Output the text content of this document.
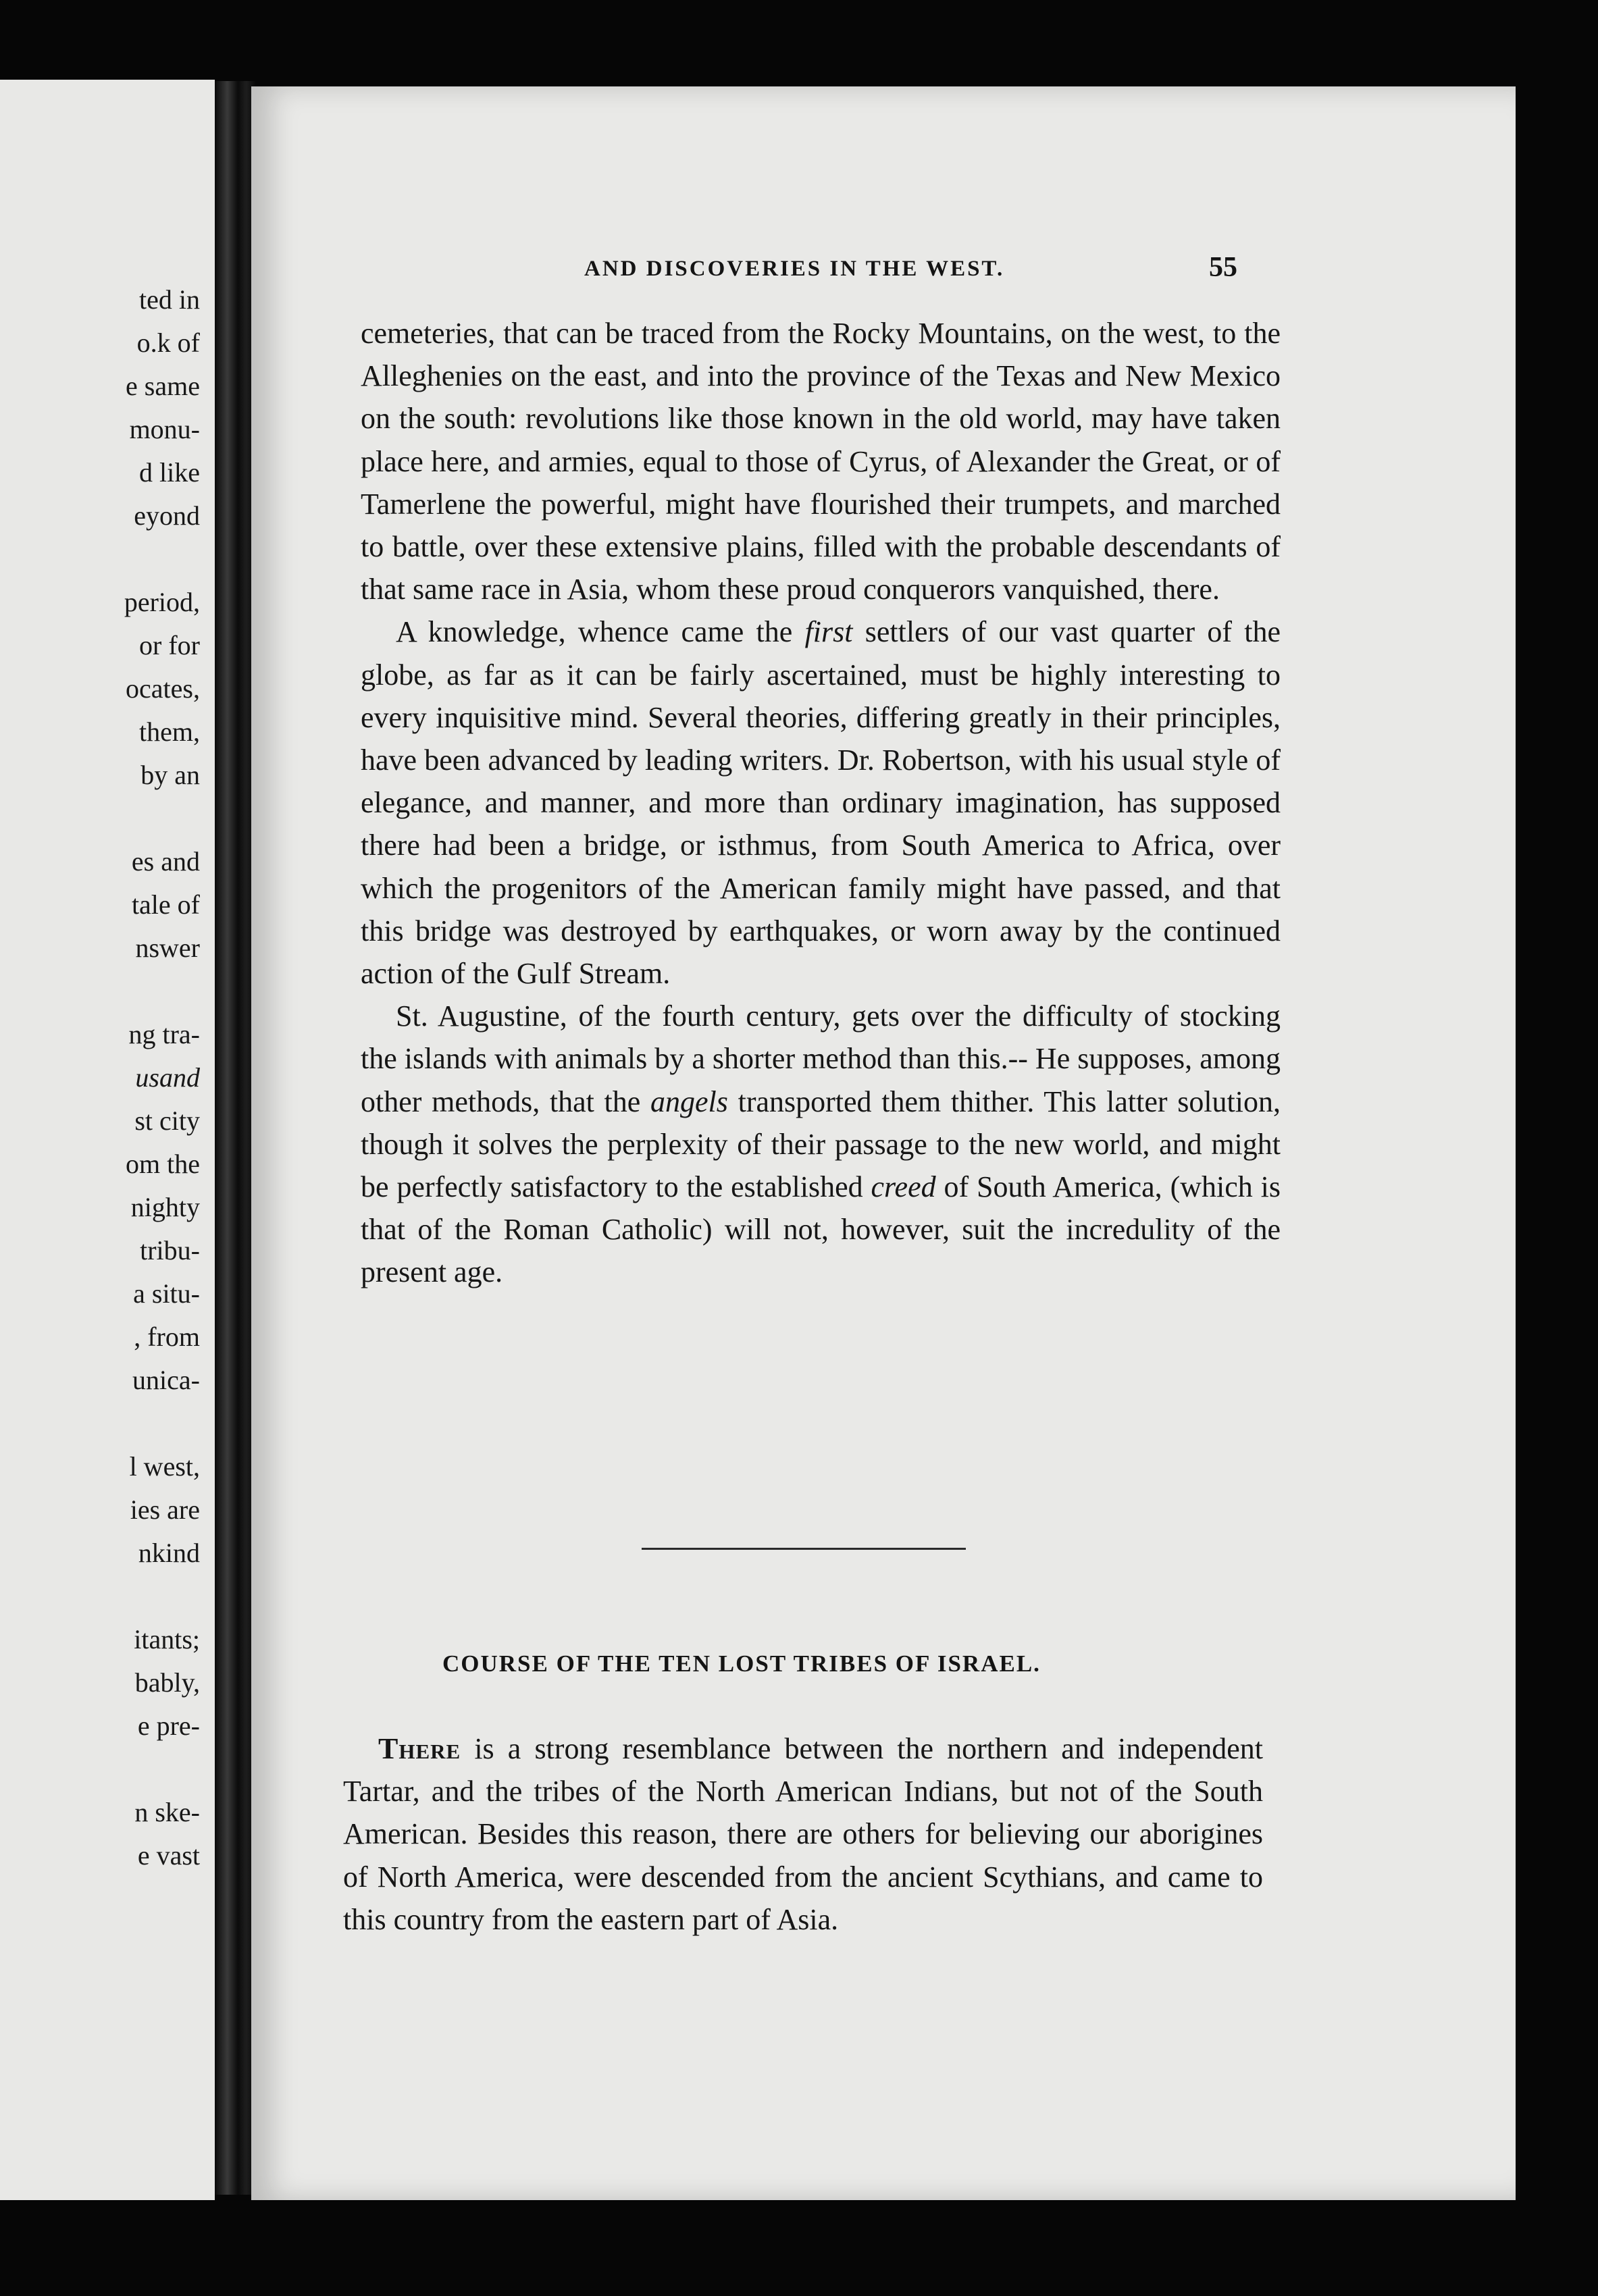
ted in
o.k of
e same
monu-
d like
eyond
period,
or for
ocates,
them,
by an
es and
tale of
nswer
ng tra-
usand
st city
om the
nighty
tribu-
a situ-
, from
unica-
l west,
ies are
nkind
itants;
bably,
e pre-
n ske-
e vast
AND DISCOVERIES IN THE WEST.	55

cemeteries, that can be traced from the Rocky Mountains, on the west, to the Alleghenies on the east, and into the province of the Texas and New Mexico on the south: revolutions like those known in the old world, may have taken place here, and armies, equal to those of Cyrus, of Alexander the Great, or of Tamerlene the powerful, might have flourished their trumpets, and marched to battle, over these extensive plains, filled with the probable descendants of that same race in Asia, whom these proud conquerors vanquished, there.

A knowledge, whence came the first settlers of our vast quarter of the globe, as far as it can be fairly ascertained, must be highly interesting to every inquisitive mind. Several theories, differing greatly in their principles, have been advanced by leading writers. Dr. Robertson, with his usual style of elegance, and manner, and more than ordinary imagination, has supposed there had been a bridge, or isthmus, from South America to Africa, over which the progenitors of the American family might have passed, and that this bridge was destroyed by earthquakes, or worn away by the continued action of the Gulf Stream.

St. Augustine, of the fourth century, gets over the difficulty of stocking the islands with animals by a shorter method than this.-- He supposes, among other methods, that the angels transported them thither. This latter solution, though it solves the perplexity of their passage to the new world, and might be perfectly satisfactory to the established creed of South America, (which is that of the Roman Catholic) will not, however, suit the incredulity of the present age.

COURSE OF THE TEN LOST TRIBES OF ISRAEL.

There is a strong resemblance between the northern and independent Tartar, and the tribes of the North American Indians, but not of the South American. Besides this reason, there are others for believing our aborigines of North America, were descended from the ancient Scythians, and came to this country from the eastern part of Asia.
